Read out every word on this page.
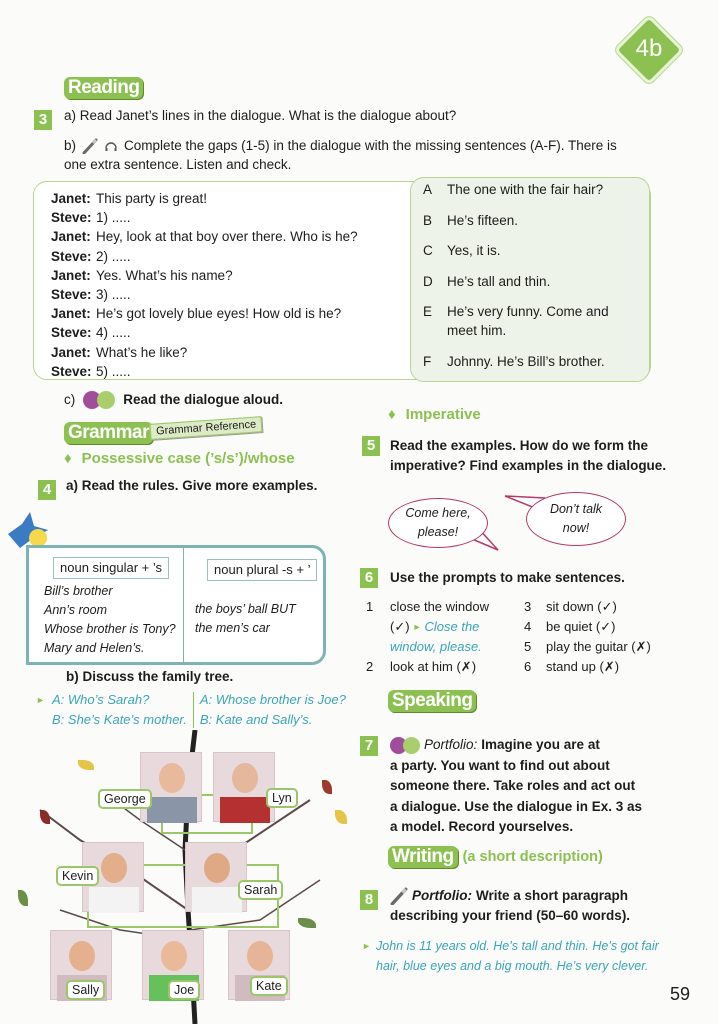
4b
Reading
3	a) Read Janet’s lines in the dialogue. What is the dialogue about?
b)	Complete the gaps (1-5) in the dialogue with the missing sentences (A-F). There is
one extra sentence. Listen and check.
Janet: This party is great!
Steve: 1) .....
Janet: Hey, look at that boy over there. Who is he?
Steve: 2) .....
Janet: Yes. What’s his name?
Steve: 3) .....
Janet: He’s got lovely blue eyes! How old is he?
Steve: 4) .....
Janet: What’s he like?
Steve: 5) .....
A	The one with the fair hair?
B	He’s fifteen.
C	Yes, it is.
D	He’s tall and thin.
E	He’s very funny. Come and meet him.
F	Johnny. He’s Bill’s brother.
c)	Read the dialogue aloud.
Grammar Grammar Reference
♦ Possessive case (’s/s’)/whose
4	a) Read the rules. Give more examples.
noun singular + ’s	noun plural -s + ’
Bill’s brother
Ann’s room
Whose brother is Tony?
Mary and Helen’s.
the boys’ ball BUT
the men’s car
b) Discuss the family tree.
► A: Who’s Sarah?
B: She’s Kate’s mother.
A: Whose brother is Joe?
B: Kate and Sally’s.
George	Lyn
Kevin
Sarah
Sally	Joe	Kate
♦ Imperative
5	Read the examples. How do we form the
imperative? Find examples in the dialogue.
Come here,
please!
Don’t talk
now!
6	Use the prompts to make sentences.
1	close the window
(✓) ► Close the
window, please.
2	look at him (✗)
3	sit down (✓)
4	be quiet (✓)
5	play the guitar (✗)
6	stand up (✗)
Speaking
7	Portfolio: Imagine you are at
a party. You want to find out about
someone there. Take roles and act out
a dialogue. Use the dialogue in Ex. 3 as
a model. Record yourselves.
Writing (a short description)
8	Portfolio: Write a short paragraph
describing your friend (50–60 words).
► John is 11 years old. He’s tall and thin. He’s got fair
hair, blue eyes and a big mouth. He’s very clever.
59
